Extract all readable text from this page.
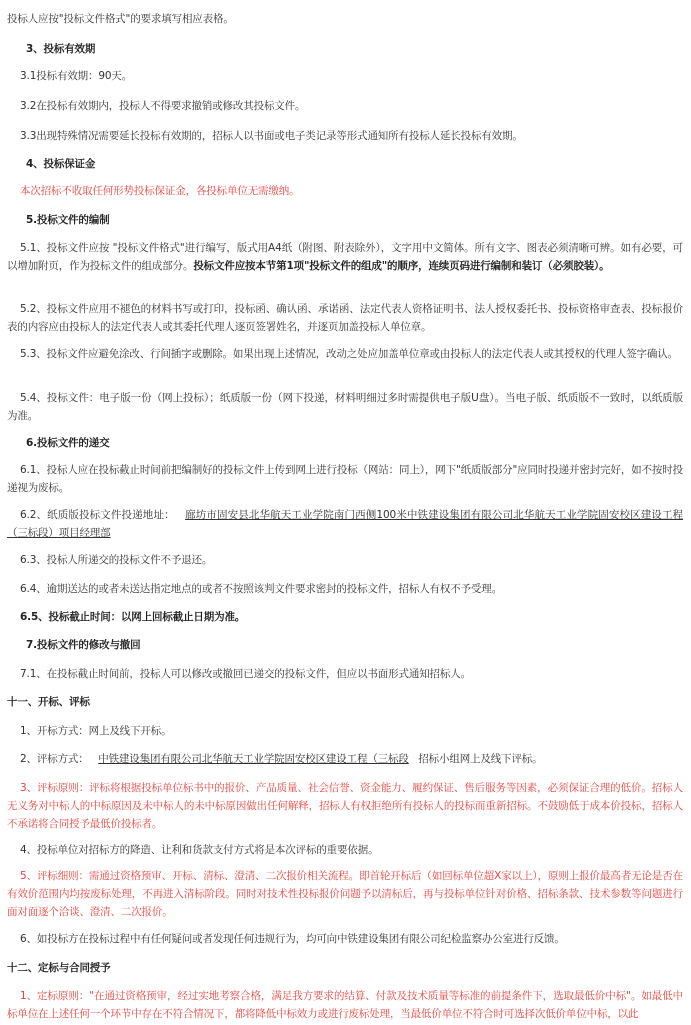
投标人应按"投标文件格式"的要求填写相应表格。

3、投标有效期

3.1投标有效期：90天。

3.2在投标有效期内，投标人不得要求撤销或修改其投标文件。

3.3出现特殊情况需要延长投标有效期的，招标人以书面或电子类记录等形式通知所有投标人延长投标有效期。

4、投标保证金

本次招标不收取任何形势投标保证金，各投标单位无需缴纳。

5.投标文件的编制

5.1、投标文件应按 "投标文件格式"进行编写，版式用A4纸（附图、附表除外），文字用中文简体。所有文字、图表必须清晰可辨。如有必要，可以增加附页，作为投标文件的组成部分。投标文件应按本节第1项"投标文件的组成"的顺序，连续页码进行编制和装订（必须胶装）。

5.2、投标文件应用不褪色的材料书写或打印，投标函、确认函、承诺函、法定代表人资格证明书、法人授权委托书、投标资格审查表、投标报价表的内容应由投标人的法定代表人或其委托代理人逐页签署姓名，并逐页加盖投标人单位章。

5.3、投标文件应避免涂改、行间插字或删除。如果出现上述情况，改动之处应加盖单位章或由投标人的法定代表人或其授权的代理人签字确认。

5.4、投标文件：电子版一份（网上投标）；纸质版一份（网下投递，材料明细过多时需提供电子版U盘）。当电子版、纸质版不一致时，以纸质版为准。

6.投标文件的递交

6.1、投标人应在投标截止时间前把编制好的投标文件上传到网上进行投标（网站：同上），网下"纸质版部分"应同时投递并密封完好，如不按时投递视为废标。

6.2、纸质版投标文件投递地址： 廊坊市固安县北华航天工业学院南门西侧100米中铁建设集团有限公司北华航天工业学院固安校区建设工程（三标段）项目经理部

6.3、投标人所递交的投标文件不予退还。

6.4、逾期送达的或者未送达指定地点的或者不按照该判文件要求密封的投标文件，招标人有权不予受理。

6.5、投标截止时间：以网上回标截止日期为准。

7.投标文件的修改与撤回

7.1、在投标截止时间前，投标人可以修改或撤回已递交的投标文件，但应以书面形式通知招标人。

十一、开标、评标

1、开标方式：网上及线下开标。

2、评标方式： 中铁建设集团有限公司北华航天工业学院固安校区建设工程（三标段 招标小组网上及线下评标。

3、评标原则：评标将根据投标单位标书中的报价、产品质量、社会信誉、资金能力、履约保证、售后服务等因素，必须保证合理的低价。招标人无义务对中标人的中标原因及未中标人的未中标原因做出任何解释，招标人有权拒绝所有投标人的投标而重新招标。不鼓励低于成本价投标，招标人不承诺将合同授予最低价投标者。

4、投标单位对招标方的降造、让利和货款支付方式将是本次评标的重要依据。

5、评标细则：需通过资格预审、开标、清标、澄清、二次报价相关流程。即首轮开标后（如回标单位超X家以上），原则上报价最高者无论是否在有效价范围内均按废标处理，不再进入清标阶段。同时对技术性投标报价问题予以清标后，再与投标单位针对价格、招标条款、技术参数等问题进行面对面逐个洽谈、澄清、二次报价。

6、如投标方在投标过程中有任何疑问或者发现任何违规行为，均可向中铁建设集团有限公司纪检监察办公室进行反馈。

十二、定标与合同授予

1、定标原则："在通过资格预审，经过实地考察合格，满足我方要求的结算、付款及技术质量等标准的前提条件下，选取最低价中标"。如最低中标单位在上述任何一个环节中存在不符合情况下，都将降低中标效力或进行废标处理，当最低价单位不符合时可选择次低价单位中标，以此
